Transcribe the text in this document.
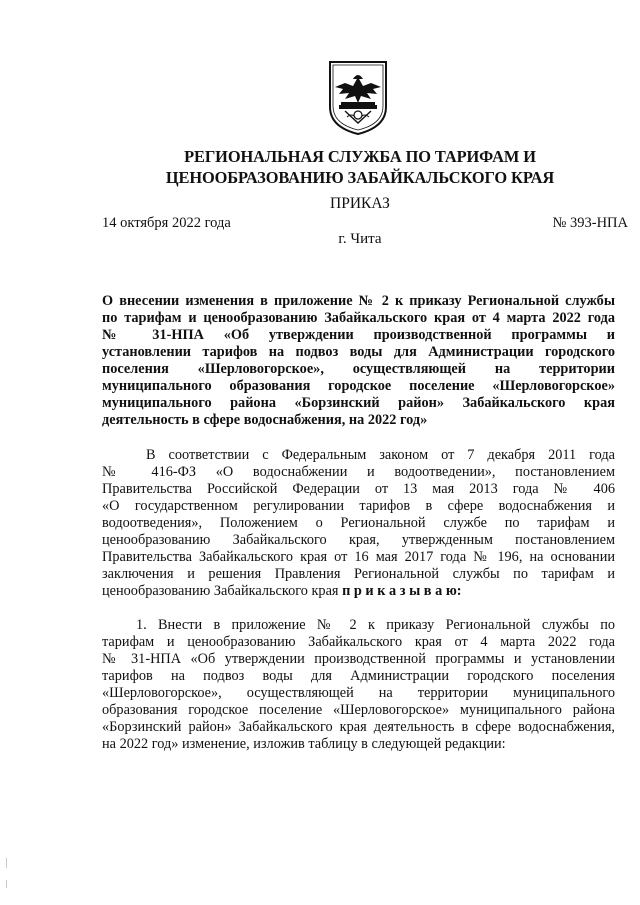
РЕГИОНАЛЬНАЯ СЛУЖБА ПО ТАРИФАМ И
ЦЕНООБРАЗОВАНИЮ ЗАБАЙКАЛЬСКОГО КРАЯ
ПРИКАЗ
14 октября 2022 года	№ 393-НПА
г. Чита
О внесении изменения в приложение № 2 к приказу Региональной службы
по тарифам и ценообразованию Забайкальского края от 4 марта 2022 года
№ 31-НПА «Об утверждении производственной программы и
установлении тарифов на подвоз воды для Администрации городского
поселения «Шерловогорское», осуществляющей на территории
муниципального образования городское поселение «Шерловогорское»
муниципального района «Борзинский район» Забайкальского края
деятельность в сфере водоснабжения, на 2022 год»
В соответствии с Федеральным законом от 7 декабря 2011 года
№ 416-ФЗ «О водоснабжении и водоотведении», постановлением
Правительства Российской Федерации от 13 мая 2013 года № 406
«О государственном регулировании тарифов в сфере водоснабжения и
водоотведения», Положением о Региональной службе по тарифам и
ценообразованию Забайкальского края, утвержденным постановлением
Правительства Забайкальского края от 16 мая 2017 года № 196, на основании
заключения и решения Правления Региональной службы по тарифам и
ценообразованию Забайкальского края п р и к а з ы в а ю:
1. Внести в приложение № 2 к приказу Региональной службы по
тарифам и ценообразованию Забайкальского края от 4 марта 2022 года
№ 31-НПА «Об утверждении производственной программы и установлении
тарифов на подвоз воды для Администрации городского поселения
«Шерловогорское», осуществляющей на территории муниципального
образования городское поселение «Шерловогорское» муниципального района
«Борзинский район» Забайкальского края деятельность в сфере водоснабжения,
на 2022 год» изменение, изложив таблицу в следующей редакции:
